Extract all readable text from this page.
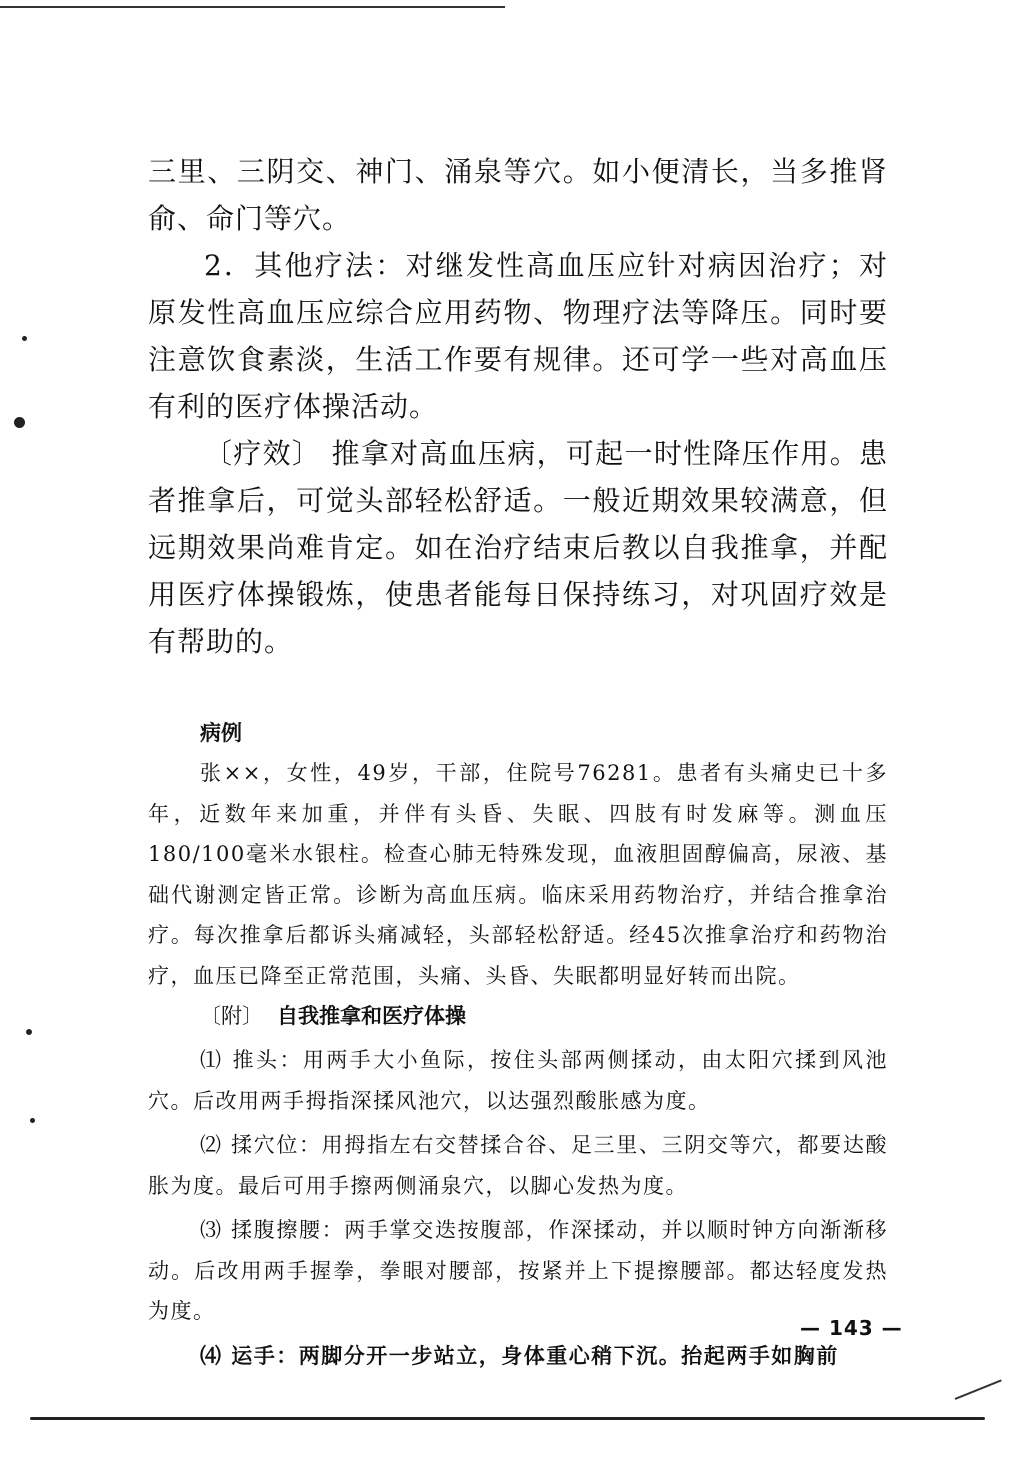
三里、三阴交、神门、涌泉等穴。如小便清长，当多推肾俞、命门等穴。

2．其他疗法：对继发性高血压应针对病因治疗；对原发性高血压应综合应用药物、物理疗法等降压。同时要注意饮食素淡，生活工作要有规律。还可学一些对高血压有利的医疗体操活动。

〔疗效〕 推拿对高血压病，可起一时性降压作用。患者推拿后，可觉头部轻松舒适。一般近期效果较满意，但远期效果尚难肯定。如在治疗结束后教以自我推拿，并配用医疗体操锻炼，使患者能每日保持练习，对巩固疗效是有帮助的。

病例

张××，女性，49岁，干部，住院号76281。患者有头痛史已十多年，近数年来加重，并伴有头昏、失眠、四肢有时发麻等。测血压180/100毫米水银柱。检查心肺无特殊发现，血液胆固醇偏高，尿液、基础代谢测定皆正常。诊断为高血压病。临床采用药物治疗，并结合推拿治疗。每次推拿后都诉头痛减轻，头部轻松舒适。经45次推拿治疗和药物治疗，血压已降至正常范围，头痛、头昏、失眠都明显好转而出院。

〔附〕 自我推拿和医疗体操

⑴ 推头：用两手大小鱼际，按住头部两侧揉动，由太阳穴揉到风池穴。后改用两手拇指深揉风池穴，以达强烈酸胀感为度。

⑵ 揉穴位：用拇指左右交替揉合谷、足三里、三阴交等穴，都要达酸胀为度。最后可用手擦两侧涌泉穴，以脚心发热为度。

⑶ 揉腹擦腰：两手掌交迭按腹部，作深揉动，并以顺时钟方向渐渐移动。后改用两手握拳，拳眼对腰部，按紧并上下提擦腰部。都达轻度发热为度。

⑷ 运手：两脚分开一步站立，身体重心稍下沉。抬起两手如胸前

— 143 —
